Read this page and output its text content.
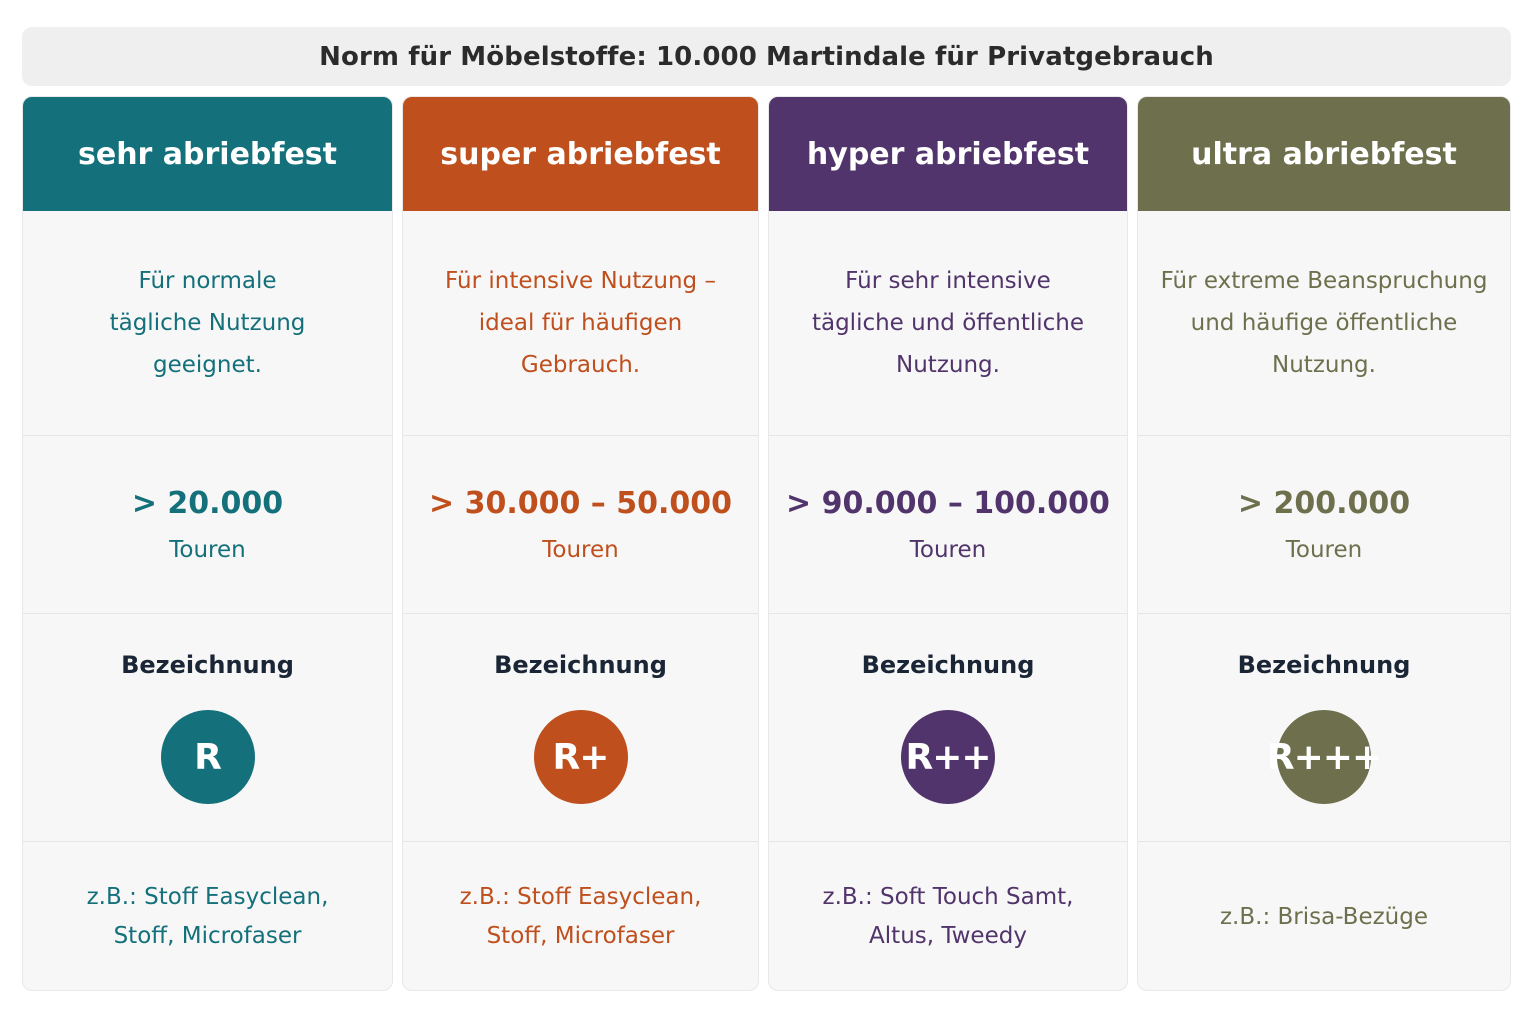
Norm für Möbelstoffe: 10.000 Martindale für Privatgebrauch
sehr abriebfest
Für normale
tägliche Nutzung
geeignet.
> 20.000
Touren
Bezeichnung
R
z.B.: Stoff Easyclean,
Stoff, Microfaser
super abriebfest
Für intensive Nutzung –
ideal für häufigen
Gebrauch.
> 30.000 – 50.000
Touren
Bezeichnung
R+
z.B.: Stoff Easyclean,
Stoff, Microfaser
hyper abriebfest
Für sehr intensive
tägliche und öffentliche
Nutzung.
> 90.000 – 100.000
Touren
Bezeichnung
R++
z.B.: Soft Touch Samt,
Altus, Tweedy
ultra abriebfest
Für extreme Beanspruchung
und häufige öffentliche
Nutzung.
> 200.000
Touren
Bezeichnung
R+++
z.B.: Brisa-Bezüge
